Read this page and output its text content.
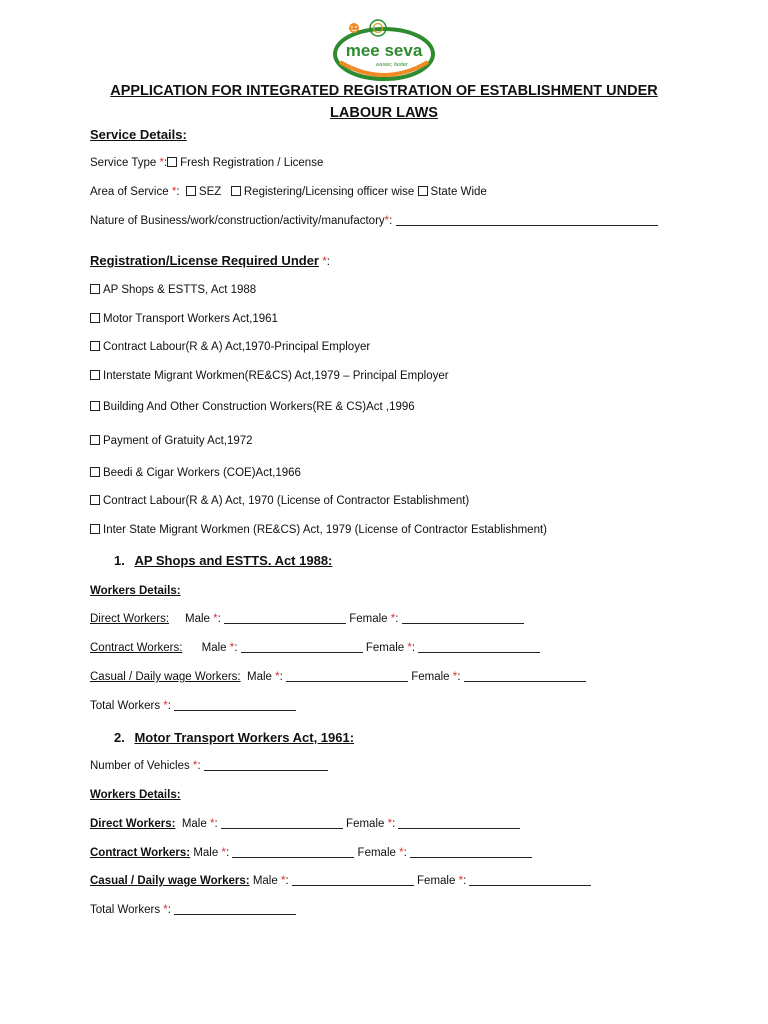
mee seva
easier, faster
APPLICATION FOR INTEGRATED REGISTRATION OF ESTABLISHMENT UNDER
LABOUR LAWS
Service Details:
Service Type *: Fresh Registration / License
Area of Service *:  SEZ Registering/Licensing officer wise State Wide
Nature of Business/work/construction/activity/manufactory*:
Registration/License Required Under *:
AP Shops & ESTTS, Act 1988
Motor Transport Workers Act,1961
Contract Labour(R & A) Act,1970-Principal Employer
Interstate Migrant Workmen(RE&CS) Act,1979 – Principal Employer
Building And Other Construction Workers(RE & CS)Act ,1996
Payment of Gratuity Act,1972
Beedi & Cigar Workers (COE)Act,1966
Contract Labour(R & A) Act, 1970 (License of Contractor Establishment)
Inter State Migrant Workmen (RE&CS) Act, 1979 (License of Contractor Establishment)
1. AP Shops and ESTTS. Act 1988:
Workers Details:
Direct Workers: Male *:	Female *:
Contract Workers: Male *:	Female *:
Casual / Daily wage Workers: Male *:	Female *:
Total Workers *:
2. Motor Transport Workers Act, 1961:
Number of Vehicles *:
Workers Details:
Direct Workers: Male *:	Female *:
Contract Workers: Male *:	Female *:
Casual / Daily wage Workers: Male *:	Female *:
Total Workers *:
